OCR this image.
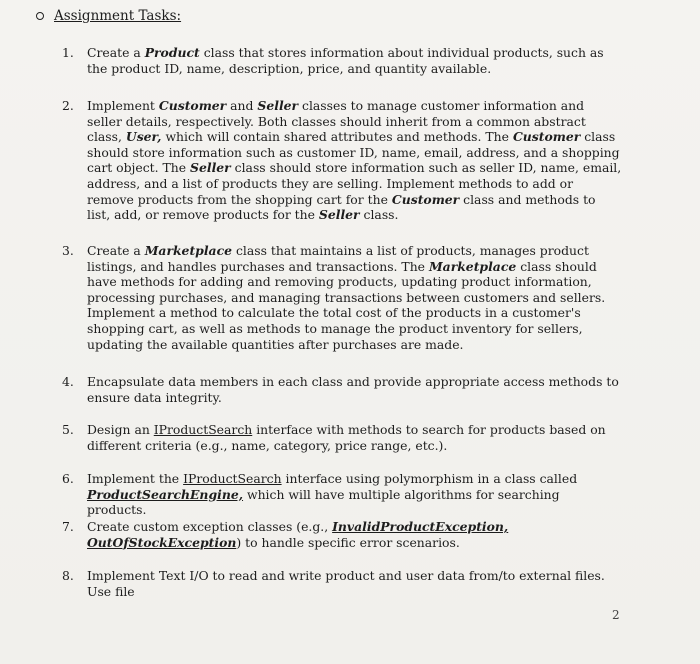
Assignment Tasks:
1.	Create a Product class that stores information about individual products, such as the product ID, name, description, price, and quantity available.
2.	Implement Customer and Seller classes to manage customer information and seller details, respectively. Both classes should inherit from a common abstract class, User, which will contain shared attributes and methods. The Customer class should store information such as customer ID, name, email, address, and a shopping cart object. The Seller class should store information such as seller ID, name, email, address, and a list of products they are selling. Implement methods to add or remove products from the shopping cart for the Customer class and methods to list, add, or remove products for the Seller class.
3.	Create a Marketplace class that maintains a list of products, manages product listings, and handles purchases and transactions. The Marketplace class should have methods for adding and removing products, updating product information, processing purchases, and managing transactions between customers and sellers. Implement a method to calculate the total cost of the products in a customer's shopping cart, as well as methods to manage the product inventory for sellers, updating the available quantities after purchases are made.
4.	Encapsulate data members in each class and provide appropriate access methods to ensure data integrity.
5.	Design an IProductSearch interface with methods to search for products based on different criteria (e.g., name, category, price range, etc.).
6.	Implement the IProductSearch interface using polymorphism in a class called ProductSearchEngine, which will have multiple algorithms for searching products.
7.	Create custom exception classes (e.g., InvalidProductException, OutOfStockException) to handle specific error scenarios.
8.	Implement Text I/O to read and write product and user data from/to external files. Use file
2
